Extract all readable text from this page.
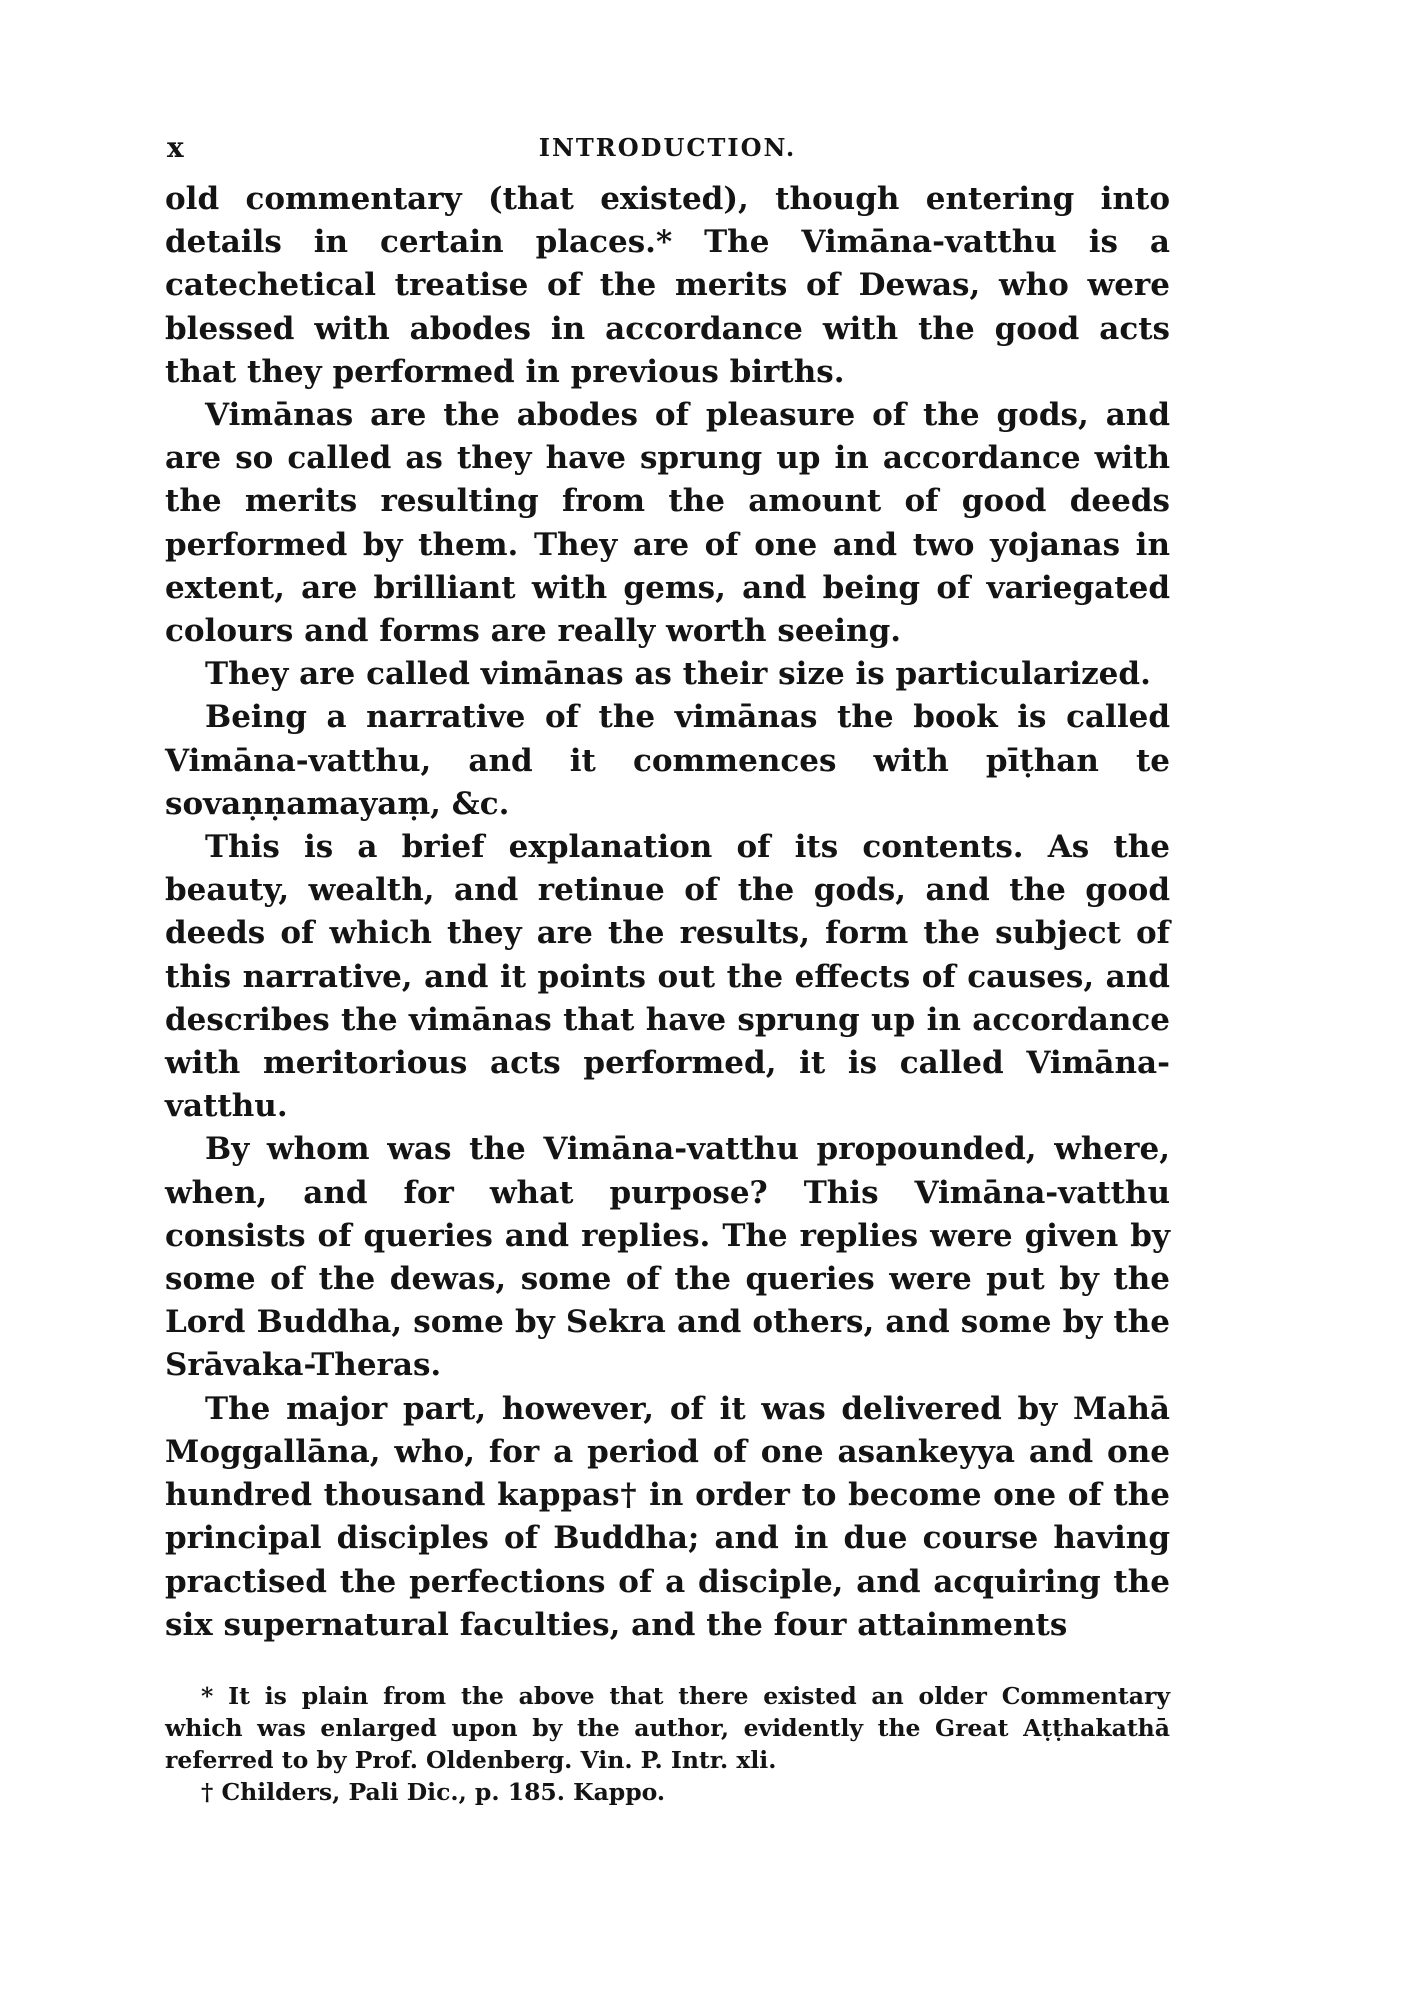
x	INTRODUCTION.

old commentary (that existed), though entering into details in certain places.* The Vimāna-vatthu is a catechetical treatise of the merits of Dewas, who were blessed with abodes in accordance with the good acts that they performed in previous births.

Vimānas are the abodes of pleasure of the gods, and are so called as they have sprung up in accordance with the merits resulting from the amount of good deeds performed by them. They are of one and two yojanas in extent, are brilliant with gems, and being of variegated colours and forms are really worth seeing.

They are called vimānas as their size is particularized.

Being a narrative of the vimānas the book is called Vimāna-vatthu, and it commences with pīṭhan te sovaṇṇamayaṃ, &c.

This is a brief explanation of its contents. As the beauty, wealth, and retinue of the gods, and the good deeds of which they are the results, form the subject of this narrative, and it points out the effects of causes, and describes the vimānas that have sprung up in accordance with meritorious acts performed, it is called Vimāna-vatthu.

By whom was the Vimāna-vatthu propounded, where, when, and for what purpose? This Vimāna-vatthu consists of queries and replies. The replies were given by some of the dewas, some of the queries were put by the Lord Buddha, some by Sekra and others, and some by the Srāvaka-Theras.

The major part, however, of it was delivered by Mahā Moggallāna, who, for a period of one asankeyya and one hundred thousand kappas† in order to become one of the principal disciples of Buddha; and in due course having practised the perfections of a disciple, and acquiring the six supernatural faculties, and the four attainments

* It is plain from the above that there existed an older Commentary which was enlarged upon by the author, evidently the Great Aṭṭhakathā referred to by Prof. Oldenberg. Vin. P. Intr. xli.

† Childers, Pali Dic., p. 185. Kappo.
